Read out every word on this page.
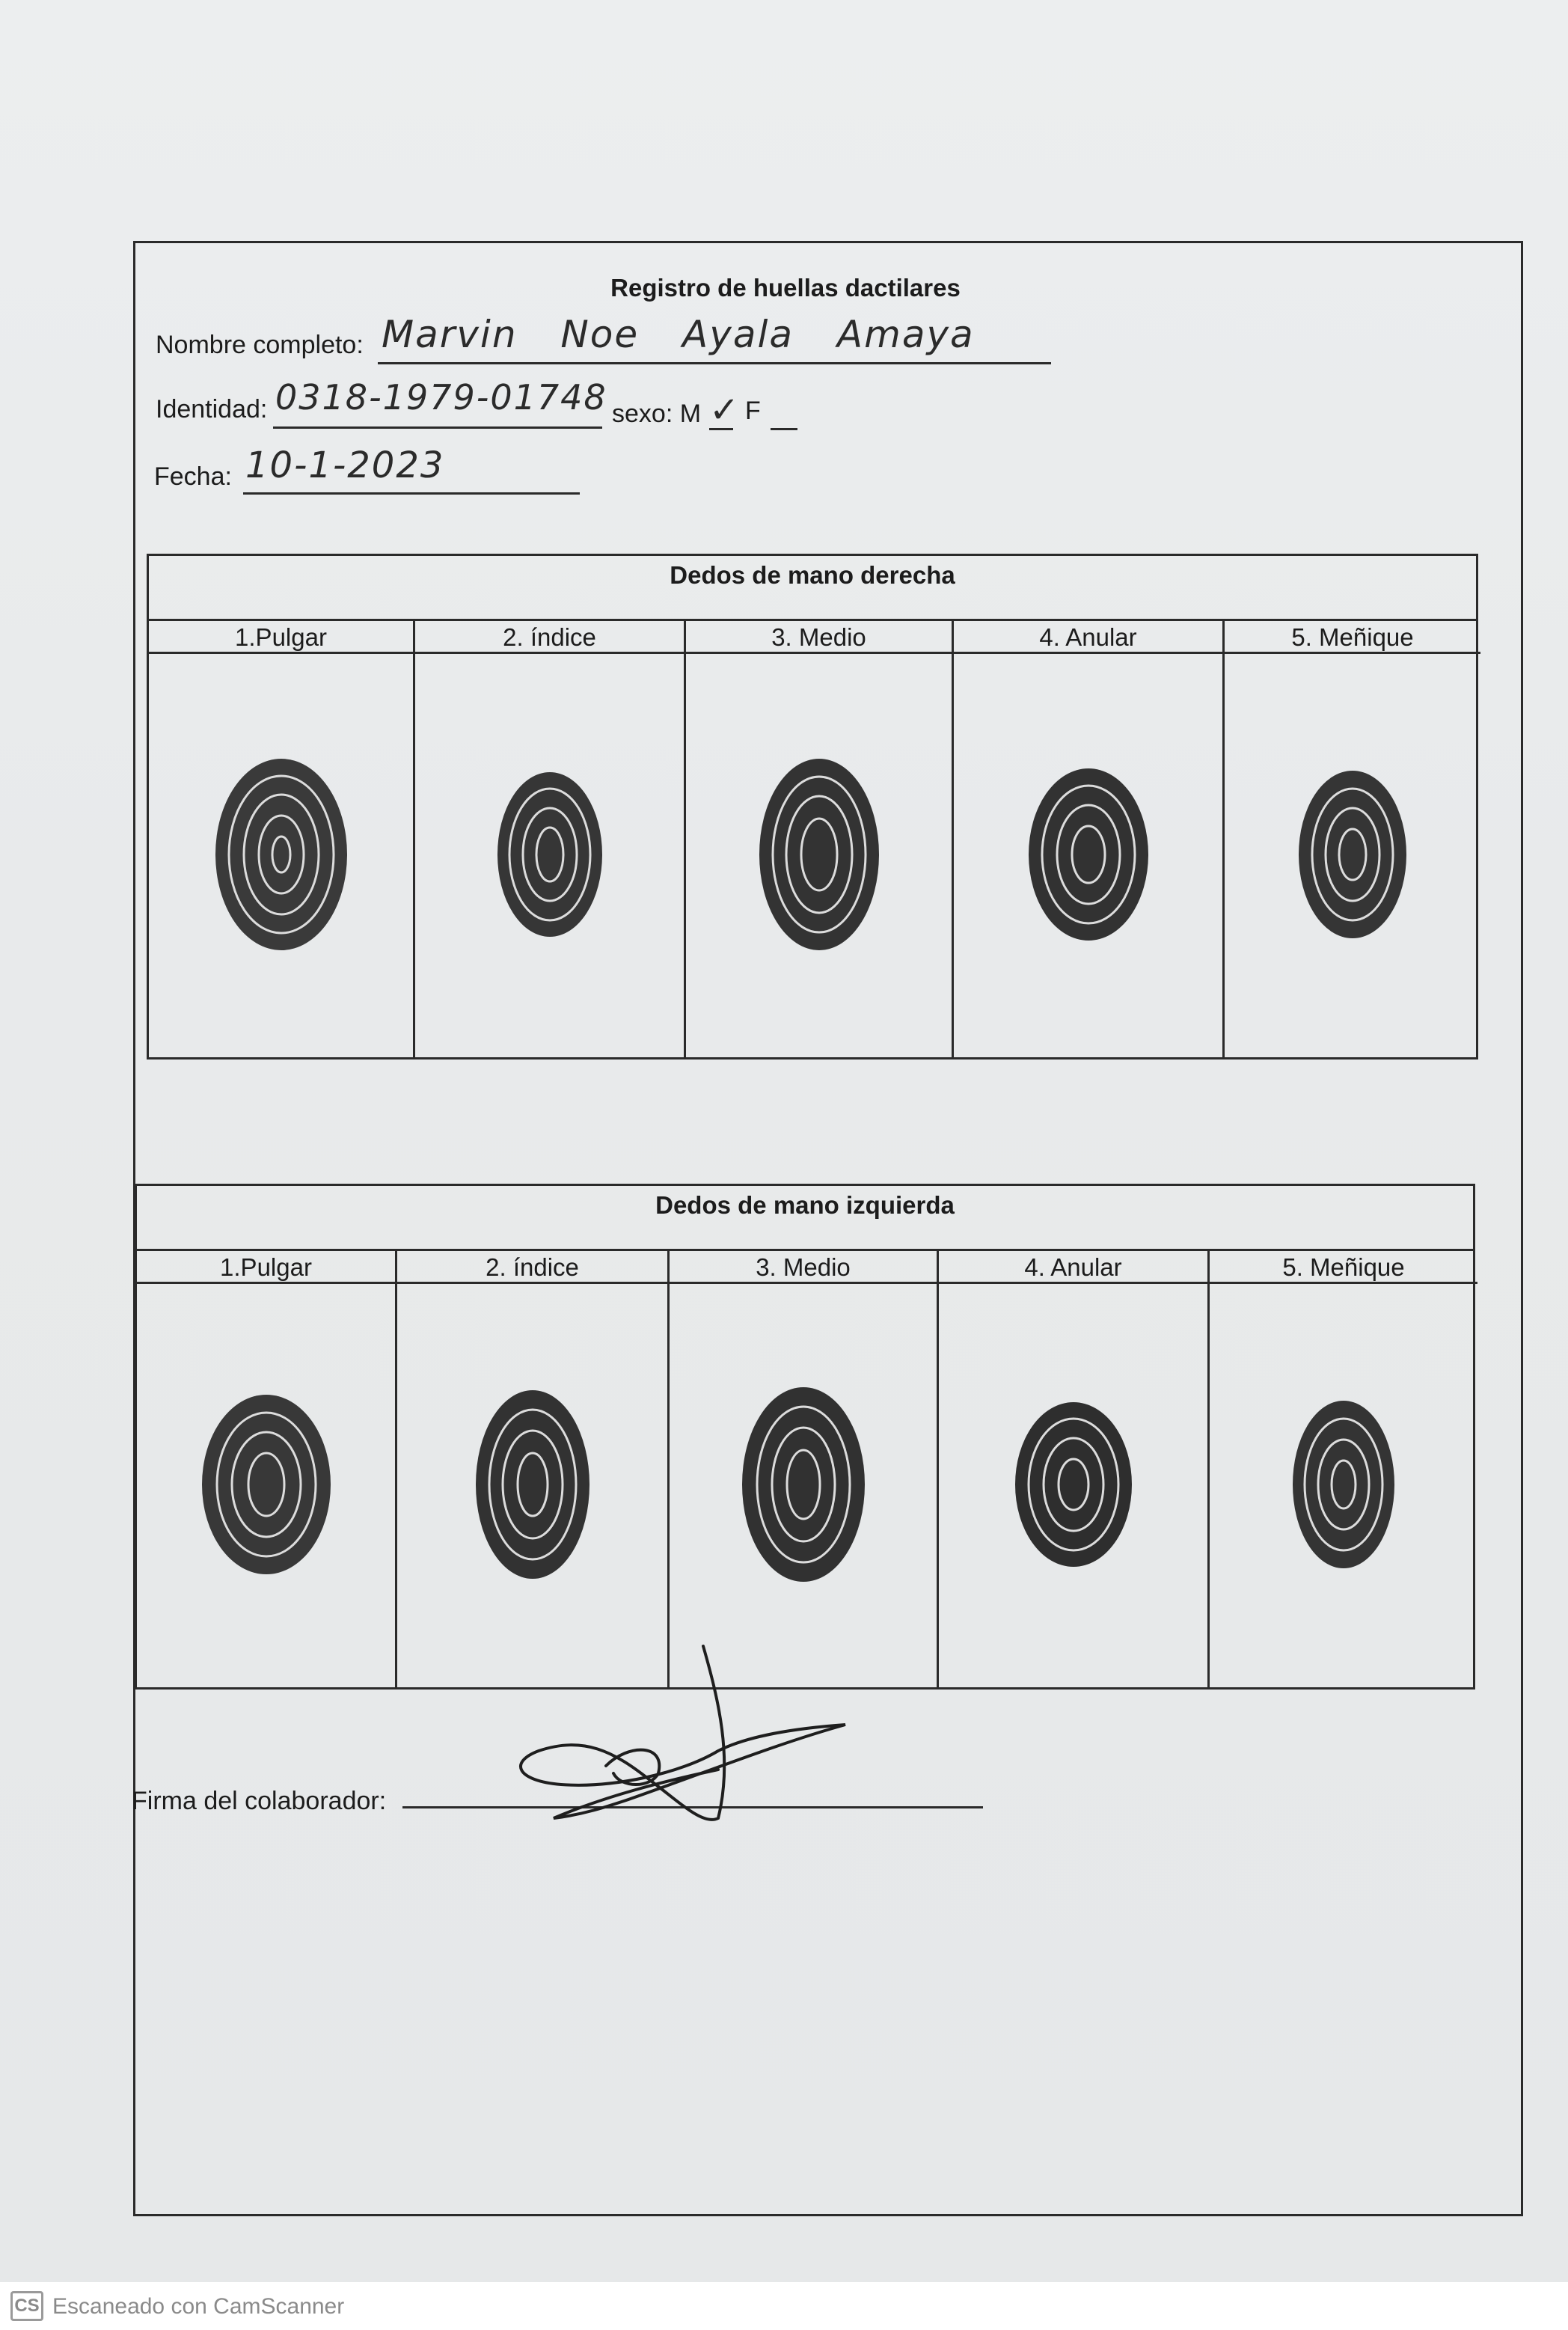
Registro de huellas dactilares
Nombre completo: Marvin Noe Ayala Amaya
Identidad: 0318-1979-01748 sexo: M ✓ F
Fecha: 10-1-2023
Dedos de mano derecha
1.Pulgar	2. índice	3. Medio	4. Anular	5. Meñique
Dedos de mano izquierda
1.Pulgar	2. índice	3. Medio	4. Anular	5. Meñique
Firma del colaborador:
CS Escaneado con CamScanner
